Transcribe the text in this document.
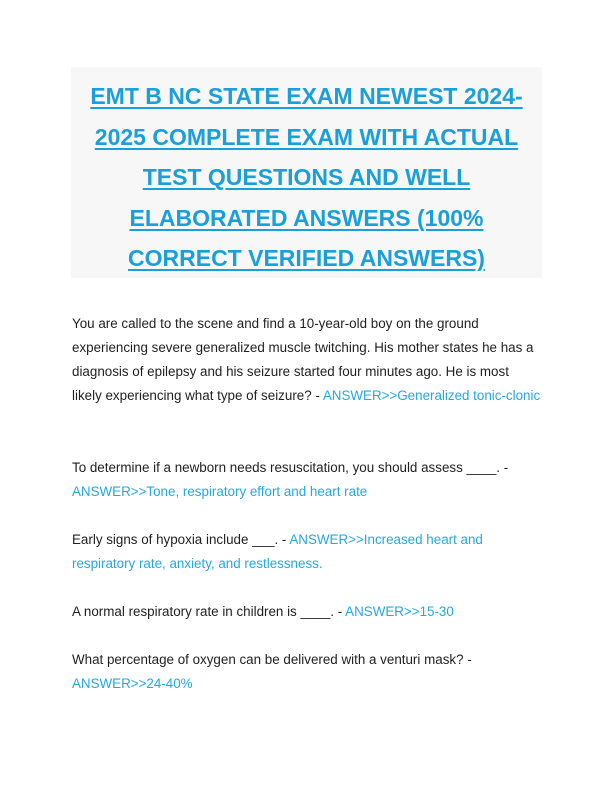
EMT B NC STATE EXAM NEWEST 2024-2025 COMPLETE EXAM WITH ACTUAL TEST QUESTIONS AND WELL ELABORATED ANSWERS (100% CORRECT VERIFIED ANSWERS)

You are called to the scene and find a 10-year-old boy on the ground experiencing severe generalized muscle twitching. His mother states he has a diagnosis of epilepsy and his seizure started four minutes ago. He is most likely experiencing what type of seizure? - ANSWER>>Generalized tonic-clonic

To determine if a newborn needs resuscitation, you should assess ____. - ANSWER>>Tone, respiratory effort and heart rate

Early signs of hypoxia include ___. - ANSWER>>Increased heart and respiratory rate, anxiety, and restlessness.

A normal respiratory rate in children is ____. - ANSWER>>15-30

What percentage of oxygen can be delivered with a venturi mask? - ANSWER>>24-40%
